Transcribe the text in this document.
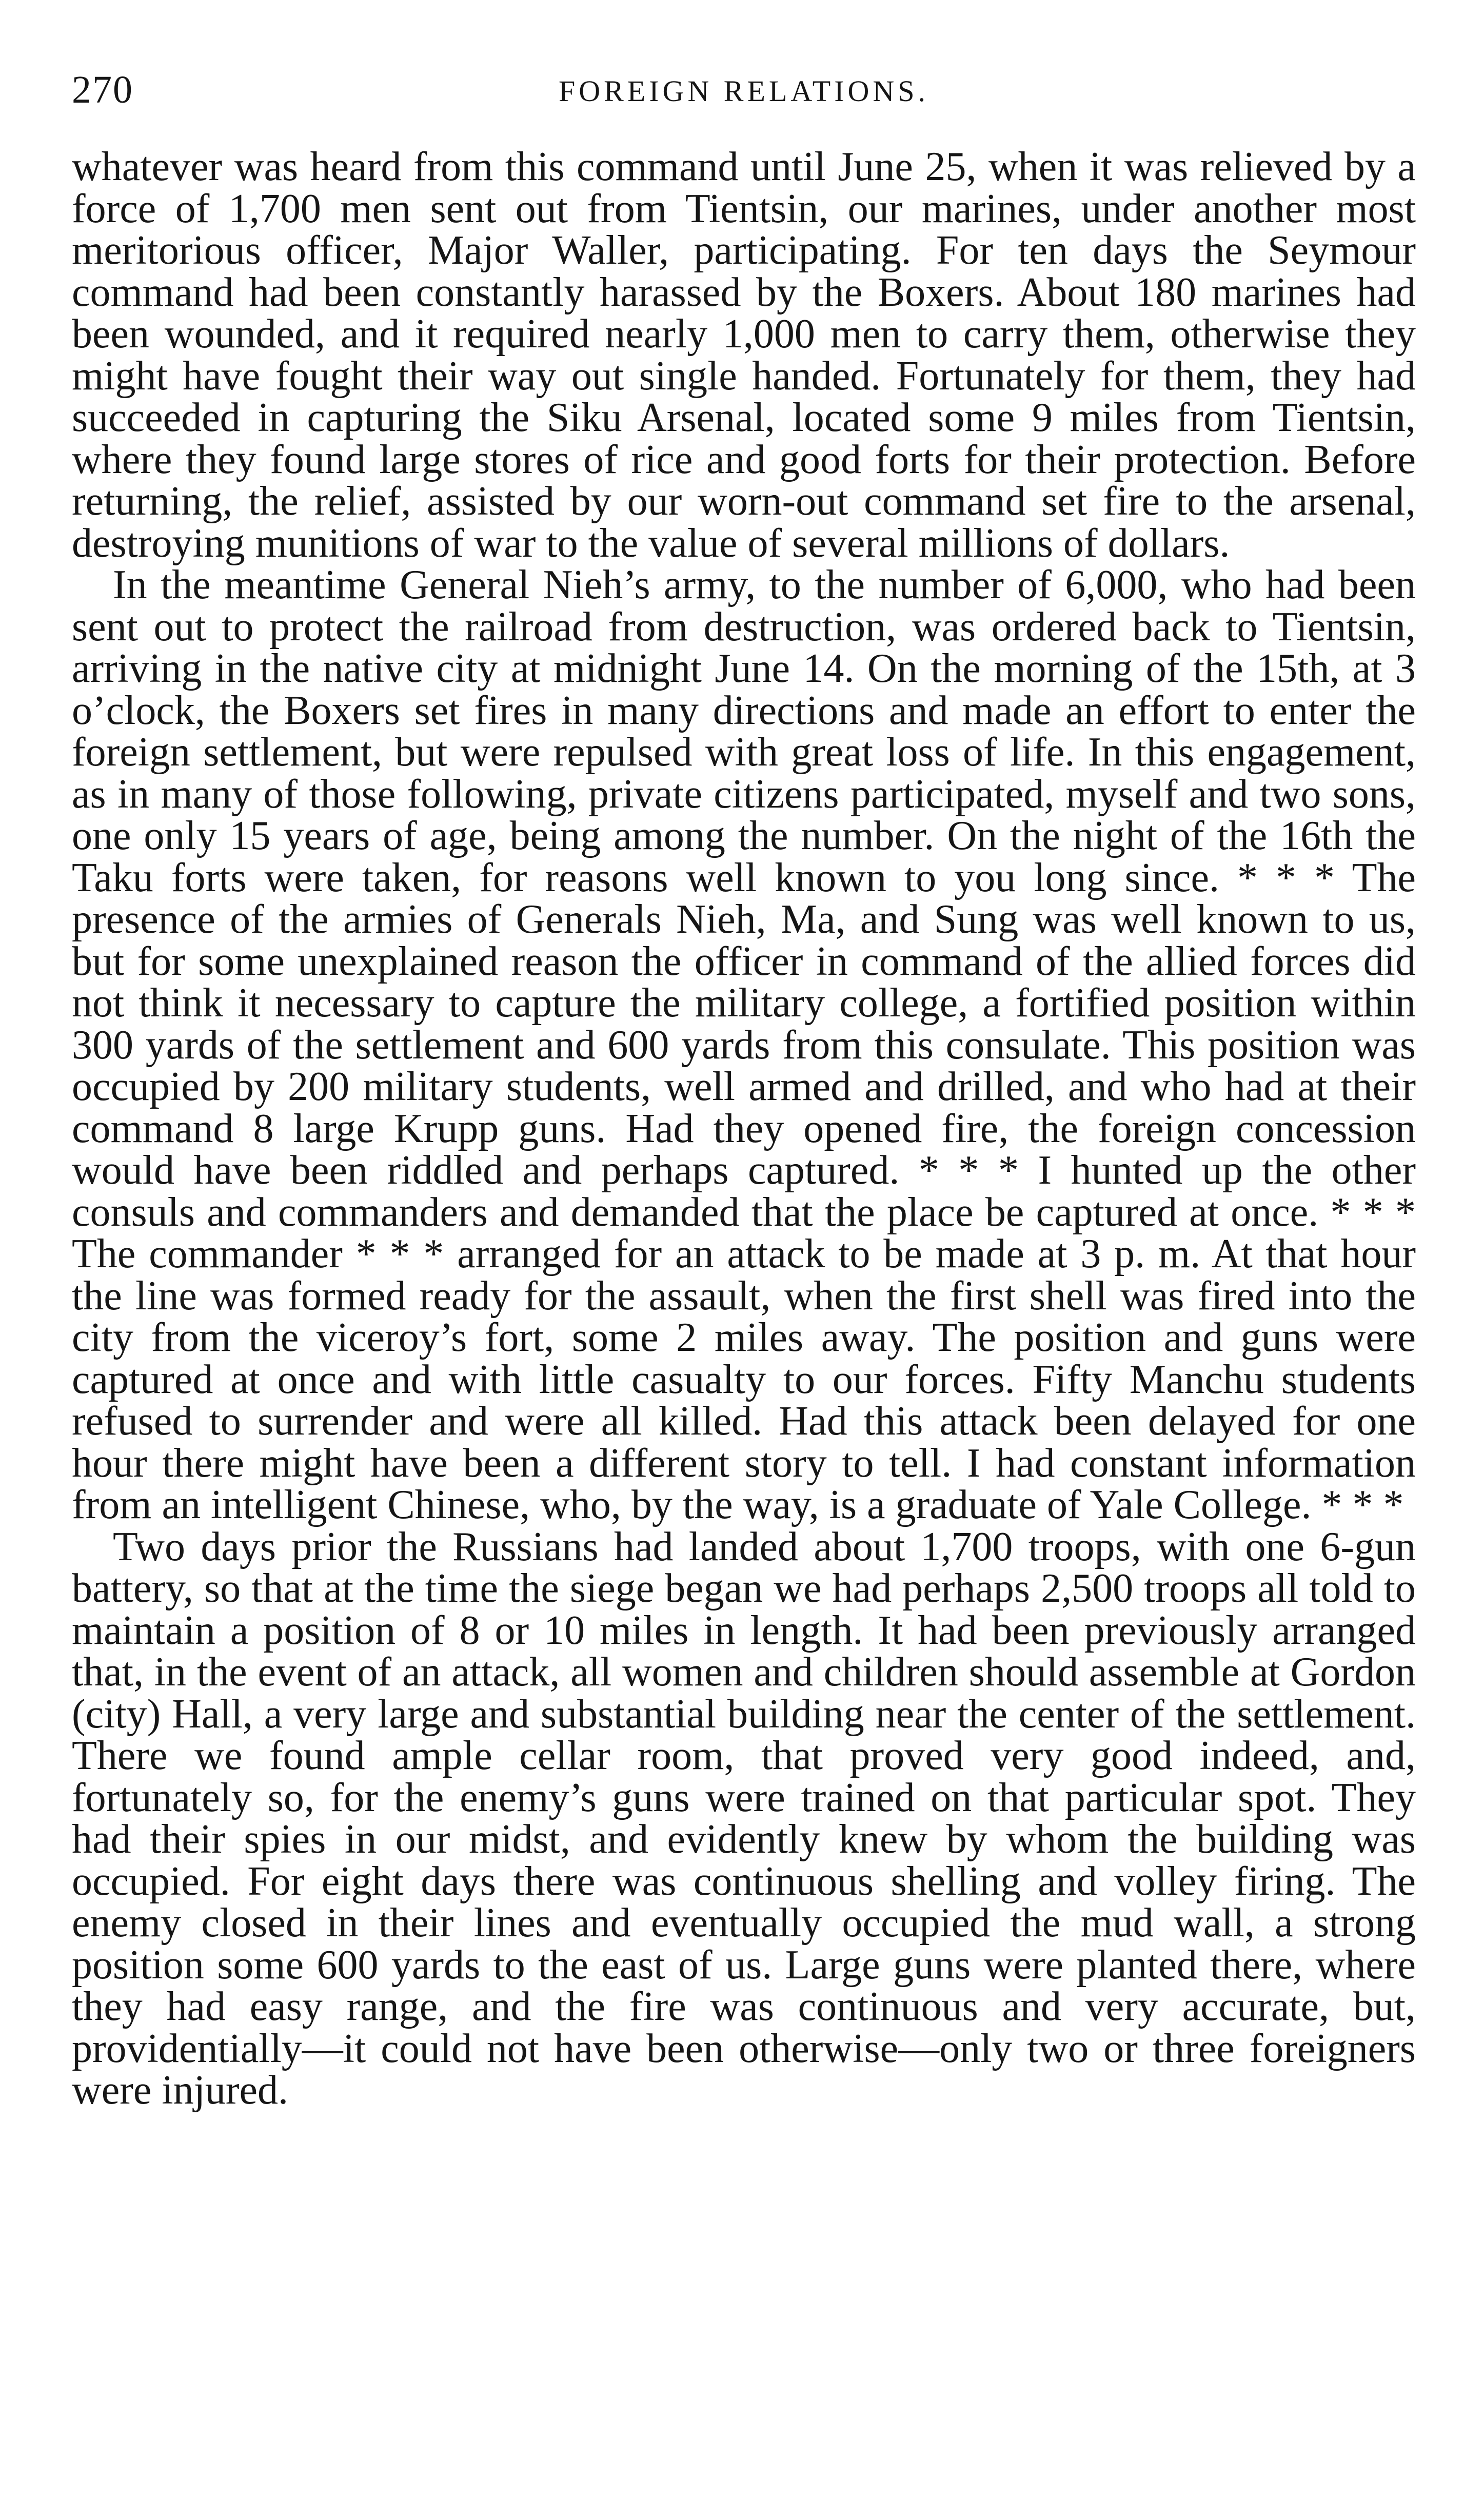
270	FOREIGN RELATIONS.

whatever was heard from this command until June 25, when it was relieved by a force of 1,700 men sent out from Tientsin, our marines, under another most meritorious officer, Major Waller, participating. For ten days the Seymour command had been constantly harassed by the Boxers. About 180 marines had been wounded, and it required nearly 1,000 men to carry them, otherwise they might have fought their way out single handed. Fortunately for them, they had succeeded in capturing the Siku Arsenal, located some 9 miles from Tientsin, where they found large stores of rice and good forts for their protection. Before returning, the relief, assisted by our worn-out command set fire to the arsenal, destroying munitions of war to the value of several millions of dollars.

In the meantime General Nieh’s army, to the number of 6,000, who had been sent out to protect the railroad from destruction, was ordered back to Tientsin, arriving in the native city at midnight June 14. On the morning of the 15th, at 3 o’clock, the Boxers set fires in many directions and made an effort to enter the foreign settlement, but were repulsed with great loss of life. In this engagement, as in many of those following, private citizens participated, myself and two sons, one only 15 years of age, being among the number. On the night of the 16th the Taku forts were taken, for reasons well known to you long since. * * * The presence of the armies of Generals Nieh, Ma, and Sung was well known to us, but for some unexplained reason the officer in command of the allied forces did not think it necessary to capture the military college, a fortified position within 300 yards of the settlement and 600 yards from this consulate. This position was occupied by 200 military students, well armed and drilled, and who had at their command 8 large Krupp guns. Had they opened fire, the foreign concession would have been riddled and perhaps captured. * * * I hunted up the other consuls and commanders and demanded that the place be captured at once. * * * The commander * * * arranged for an attack to be made at 3 p. m. At that hour the line was formed ready for the assault, when the first shell was fired into the city from the viceroy’s fort, some 2 miles away. The position and guns were captured at once and with little casualty to our forces. Fifty Manchu students refused to surrender and were all killed. Had this attack been delayed for one hour there might have been a different story to tell. I had constant information from an intelligent Chinese, who, by the way, is a graduate of Yale College. * * *

Two days prior the Russians had landed about 1,700 troops, with one 6-gun battery, so that at the time the siege began we had perhaps 2,500 troops all told to maintain a position of 8 or 10 miles in length. It had been previously arranged that, in the event of an attack, all women and children should assemble at Gordon (city) Hall, a very large and substantial building near the center of the settlement. There we found ample cellar room, that proved very good indeed, and, fortunately so, for the enemy’s guns were trained on that particular spot. They had their spies in our midst, and evidently knew by whom the building was occupied. For eight days there was continuous shelling and volley firing. The enemy closed in their lines and eventually occupied the mud wall, a strong position some 600 yards to the east of us. Large guns were planted there, where they had easy range, and the fire was continuous and very accurate, but, providentially—it could not have been otherwise—only two or three foreigners were injured.
